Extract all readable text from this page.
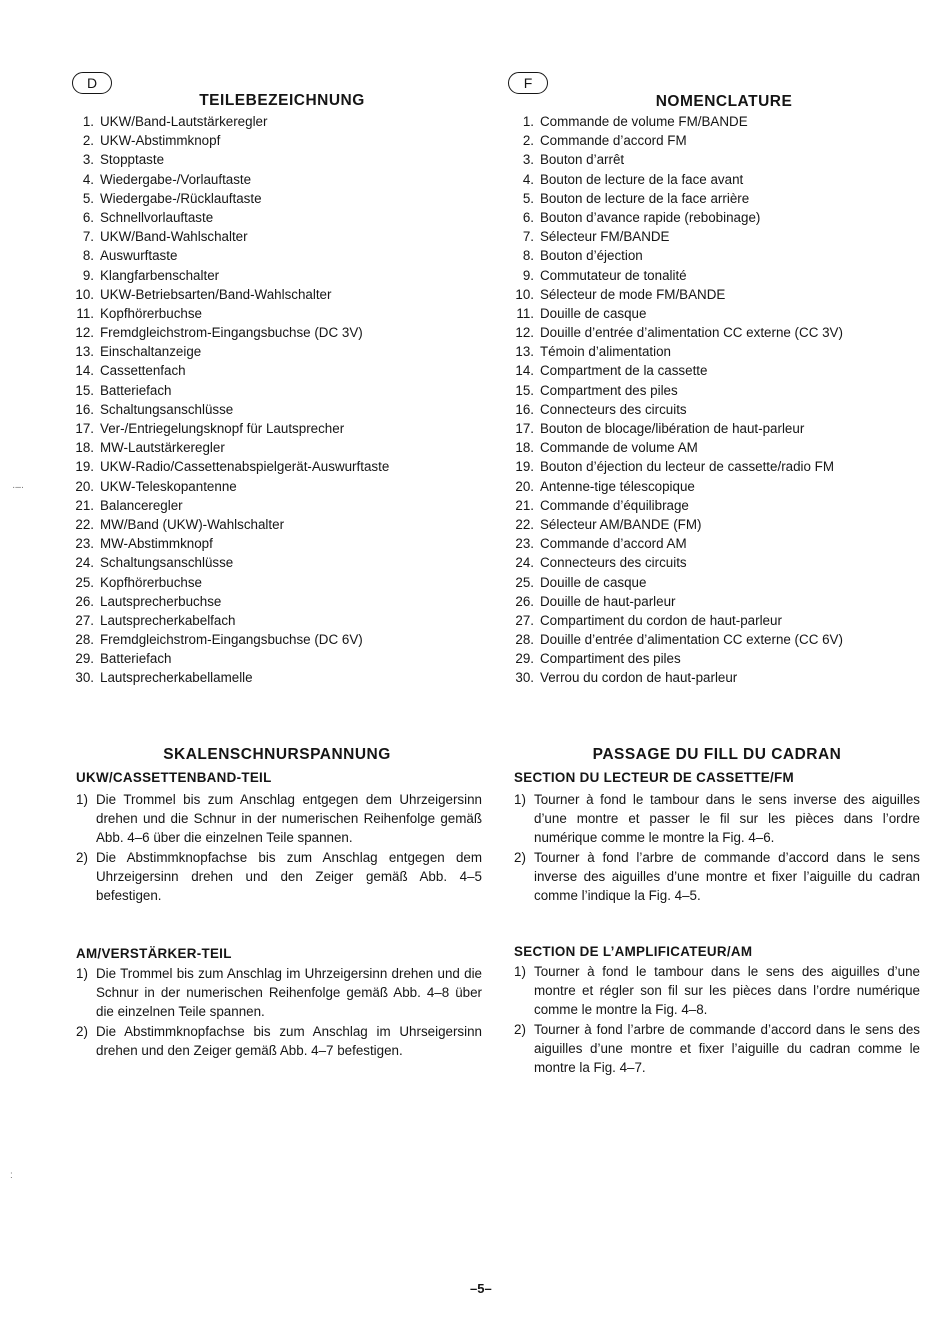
D
TEILEBEZEICHNUNG
1. UKW/Band-Lautstärkeregler
2. UKW-Abstimmknopf
3. Stopptaste
4. Wiedergabe-/Vorlauftaste
5. Wiedergabe-/Rücklauftaste
6. Schnellvorlauftaste
7. UKW/Band-Wahlschalter
8. Auswurftaste
9. Klangfarbenschalter
10. UKW-Betriebsarten/Band-Wahlschalter
11. Kopfhörerbuchse
12. Fremdgleichstrom-Eingangsbuchse (DC 3V)
13. Einschaltanzeige
14. Cassettenfach
15. Batteriefach
16. Schaltungsanschlüsse
17. Ver-/Entriegelungsknopf für Lautsprecher
18. MW-Lautstärkeregler
19. UKW-Radio/Cassettenabspielgerät-Auswurftaste
20. UKW-Teleskopantenne
21. Balanceregler
22. MW/Band (UKW)-Wahlschalter
23. MW-Abstimmknopf
24. Schaltungsanschlüsse
25. Kopfhörerbuchse
26. Lautsprecherbuchse
27. Lautsprecherkabelfach
28. Fremdgleichstrom-Eingangsbuchse (DC 6V)
29. Batteriefach
30. Lautsprecherkabellamelle
SKALENSCHNURSPANNUNG
UKW/CASSETTENBAND-TEIL
1) Die Trommel bis zum Anschlag entgegen dem Uhrzeigersinn drehen und die Schnur in der numerischen Reihenfolge gemäß Abb. 4–6 über die einzelnen Teile spannen.
2) Die Abstimmknopfachse bis zum Anschlag entgegen dem Uhrzeigersinn drehen und den Zeiger gemäß Abb. 4–5 befestigen.
AM/VERSTÄRKER-TEIL
1) Die Trommel bis zum Anschlag im Uhrzeigersinn drehen und die Schnur in der numerischen Reihenfolge gemäß Abb. 4–8 über die einzelnen Teile spannen.
2) Die Abstimmknopfachse bis zum Anschlag im Uhrseigersinn drehen und den Zeiger gemäß Abb. 4–7 befestigen.
F
NOMENCLATURE
1. Commande de volume FM/BANDE
2. Commande d’accord FM
3. Bouton d’arrêt
4. Bouton de lecture de la face avant
5. Bouton de lecture de la face arrière
6. Bouton d’avance rapide (rebobinage)
7. Sélecteur FM/BANDE
8. Bouton d’éjection
9. Commutateur de tonalité
10. Sélecteur de mode FM/BANDE
11. Douille de casque
12. Douille d’entrée d’alimentation CC externe (CC 3V)
13. Témoin d’alimentation
14. Compartment de la cassette
15. Compartment des piles
16. Connecteurs des circuits
17. Bouton de blocage/libération de haut-parleur
18. Commande de volume AM
19. Bouton d’éjection du lecteur de cassette/radio FM
20. Antenne-tige télescopique
21. Commande d’équilibrage
22. Sélecteur AM/BANDE (FM)
23. Commande d’accord AM
24. Connecteurs des circuits
25. Douille de casque
26. Douille de haut-parleur
27. Compartiment du cordon de haut-parleur
28. Douille d’entrée d’alimentation CC externe (CC 6V)
29. Compartiment des piles
30. Verrou du cordon de haut-parleur
PASSAGE DU FILL DU CADRAN
SECTION DU LECTEUR DE CASSETTE/FM
1) Tourner à fond le tambour dans le sens inverse des aiguilles d’une montre et passer le fil sur les pièces dans l’ordre numérique comme le montre la Fig. 4–6.
2) Tourner à fond l’arbre de commande d’accord dans le sens inverse des aiguilles d’une montre et fixer l’aiguille du cadran comme l’indique la Fig. 4–5.
SECTION DE L’AMPLIFICATEUR/AM
1) Tourner à fond le tambour dans le sens des aiguilles d’une montre et régler son fil sur les pièces dans l’ordre numérique comme le montre la Fig. 4–8.
2) Tourner à fond l’arbre de commande d’accord dans le sens des aiguilles d’une montre et fixer l’aiguille du cadran comme le montre la Fig. 4–7.
–5–
·–·
:
